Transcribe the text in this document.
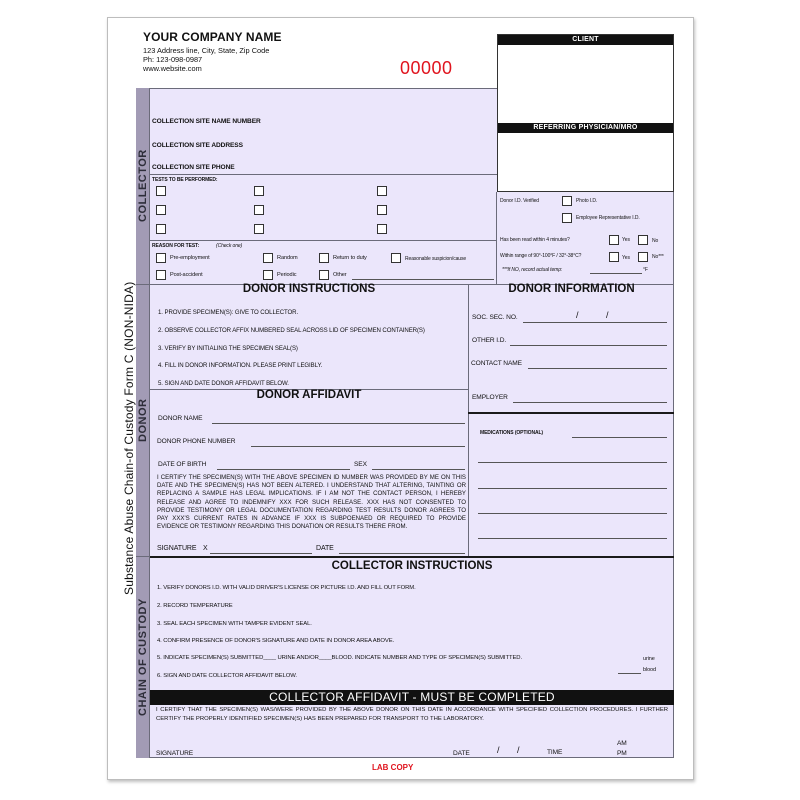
YOUR COMPANY NAME
123 Address line, City, State, Zip Code
Ph: 123-098-0987
www.website.com	00000
Substance Abuse Chain-of Custody Form C (NON-NIDA)
COLLECTOR
DONOR
CHAIN OF CUSTODY
CLIENT
REFERRING PHYSICIAN/MRO
COLLECTION SITE NAME NUMBER
COLLECTION SITE ADDRESS
COLLECTION SITE PHONE
TESTS TO BE PERFORMED:
REASON FOR TEST:	(Check one)
Pre-employment	Random	Return to duty	Reasonable suspicion/cause
Post-accident	Periodic	Other
Donor I.D. Verified	Photo I.D.
Employee Representative I.D.
Has been read within 4 minutes?	Yes	No
Within range of 90°-100°F / 32°-38°C?	Yes	No***
***If NO, record actual temp:	°F
DONOR INSTRUCTIONS
1. PROVIDE SPECIMEN(S): GIVE TO COLLECTOR.
2. OBSERVE COLLECTOR AFFIX NUMBERED SEAL ACROSS LID OF SPECIMEN CONTAINER(S)
3. VERIFY BY INITIALING THE SPECIMEN SEAL(S)
4. FILL IN DONOR INFORMATION. PLEASE PRINT LEGIBLY.
5. SIGN AND DATE DONOR AFFIDAVIT BELOW.
DONOR INFORMATION
SOC. SEC. NO.	/	/
OTHER I.D.
CONTACT NAME
EMPLOYER
MEDICATIONS (OPTIONAL)
DONOR AFFIDAVIT
DONOR NAME
DONOR PHONE NUMBER
DATE OF BIRTH	SEX
I CERTIFY THE SPECIMEN(S) WITH THE ABOVE SPECIMEN ID NUMBER WAS PROVIDED BY ME ON THIS DATE AND THE SPECIMEN(S) HAS NOT BEEN ALTERED. I UNDERSTAND THAT ALTERING, TAINTING OR REPLACING A SAMPLE HAS LEGAL IMPLICATIONS. IF I AM NOT THE CONTACT PERSON, I HEREBY RELEASE AND AGREE TO INDEMNIFY XXX FOR SUCH RELEASE. XXX HAS NOT CONSENTED TO PROVIDE TESTIMONY OR LEGAL DOCUMENTATION REGARDING TEST RESULTS DONOR AGREES TO PAY XXX'S CURRENT RATES IN ADVANCE IF XXX IS SUBPOENAED OR REQUIRED TO PROVIDE EVIDENCE OR TESTIMONY REGARDING THIS DONATION OR RESULTS THERE FROM.
SIGNATURE X	DATE
COLLECTOR INSTRUCTIONS
1. VERIFY DONORS I.D. WITH VALID DRIVER'S LICENSE OR PICTURE I.D. AND FILL OUT FORM.
2. RECORD TEMPERATURE
3. SEAL EACH SPECIMEN WITH TAMPER EVIDENT SEAL.
4. CONFIRM PRESENCE OF DONOR'S SIGNATURE AND DATE IN DONOR AREA ABOVE.
5. INDICATE SPECIMEN(S) SUBMITTED____ URINE AND/OR____BLOOD. INDICATE NUMBER AND TYPE OF SPECIMEN(S) SUBMITTED.
6. SIGN AND DATE COLLECTOR AFFIDAVIT BELOW.
urine
blood
COLLECTOR AFFIDAVIT - MUST BE COMPLETED
I CERTIFY THAT THE SPECIMEN(S) WAS/WERE PROVIDED BY THE ABOVE DONOR ON THIS DATE IN ACCORDANCE WITH SPECIFIED COLLECTION PROCEDURES. I FURTHER CERTIFY THE PROPERLY IDENTIFIED SPECIMEN(S) HAS BEEN PREPARED FOR TRANSPORT TO THE LABORATORY.
SIGNATURE	DATE	/ /	TIME
AM
PM
LAB COPY
